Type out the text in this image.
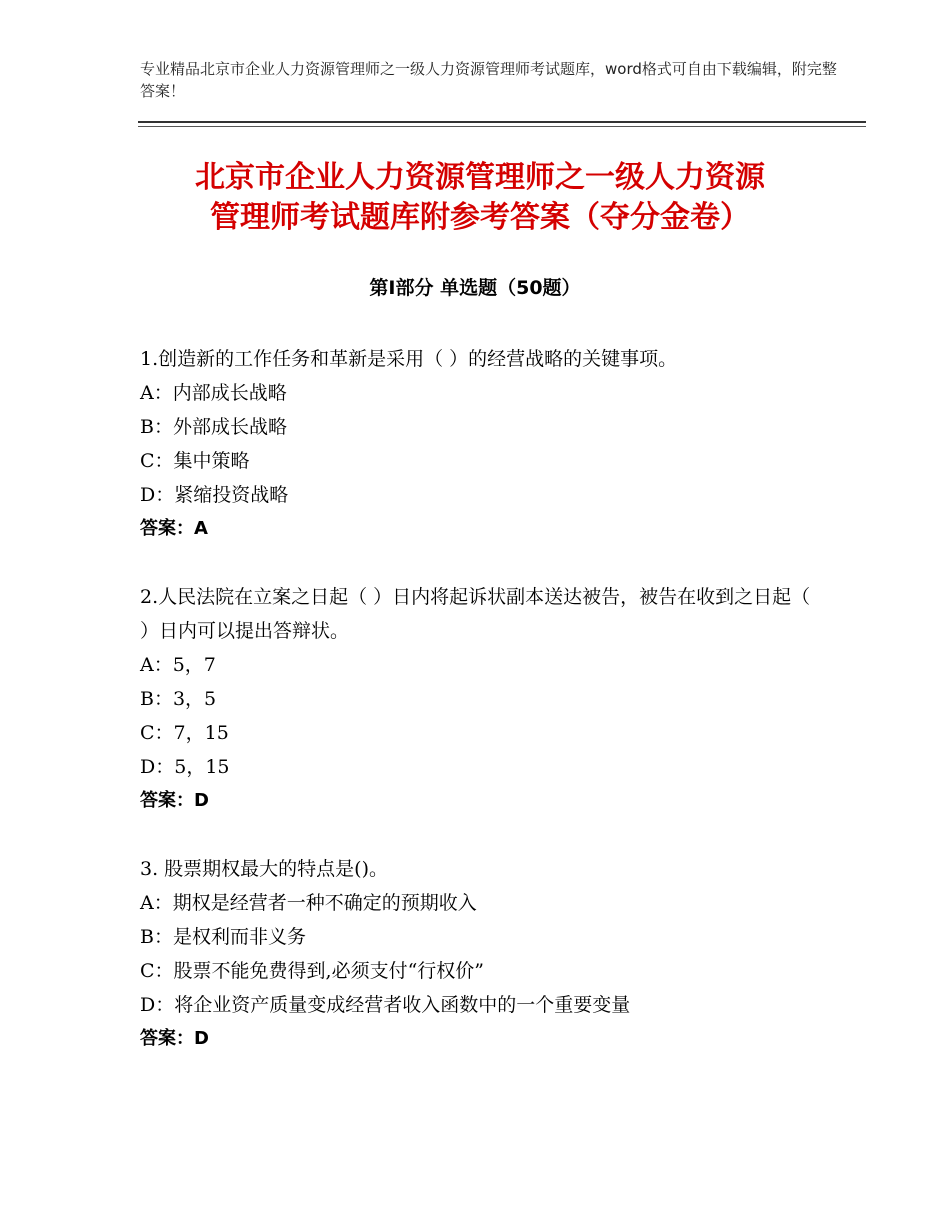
专业精品北京市企业人力资源管理师之一级人力资源管理师考试题库，word格式可自由下载编辑，附完整答案！
北京市企业人力资源管理师之一级人力资源
管理师考试题库附参考答案（夺分金卷）
第Ⅰ部分 单选题（50题）

1.创造新的工作任务和革新是采用（ ）的经营战略的关键事项。

A：内部成长战略

B：外部成长战略

C：集中策略

D：紧缩投资战略

答案：A

2.人民法院在立案之日起（ ）日内将起诉状副本送达被告，被告在收到之日起（ ）日内可以提出答辩状。

A：5，7

B：3，5

C：7，15

D：5，15

答案：D

3. 股票期权最大的特点是()。

A：期权是经营者一种不确定的预期收入

B：是权利而非义务

C：股票不能免费得到,必须支付“行权价”

D：将企业资产质量变成经营者收入函数中的一个重要变量

答案：D
